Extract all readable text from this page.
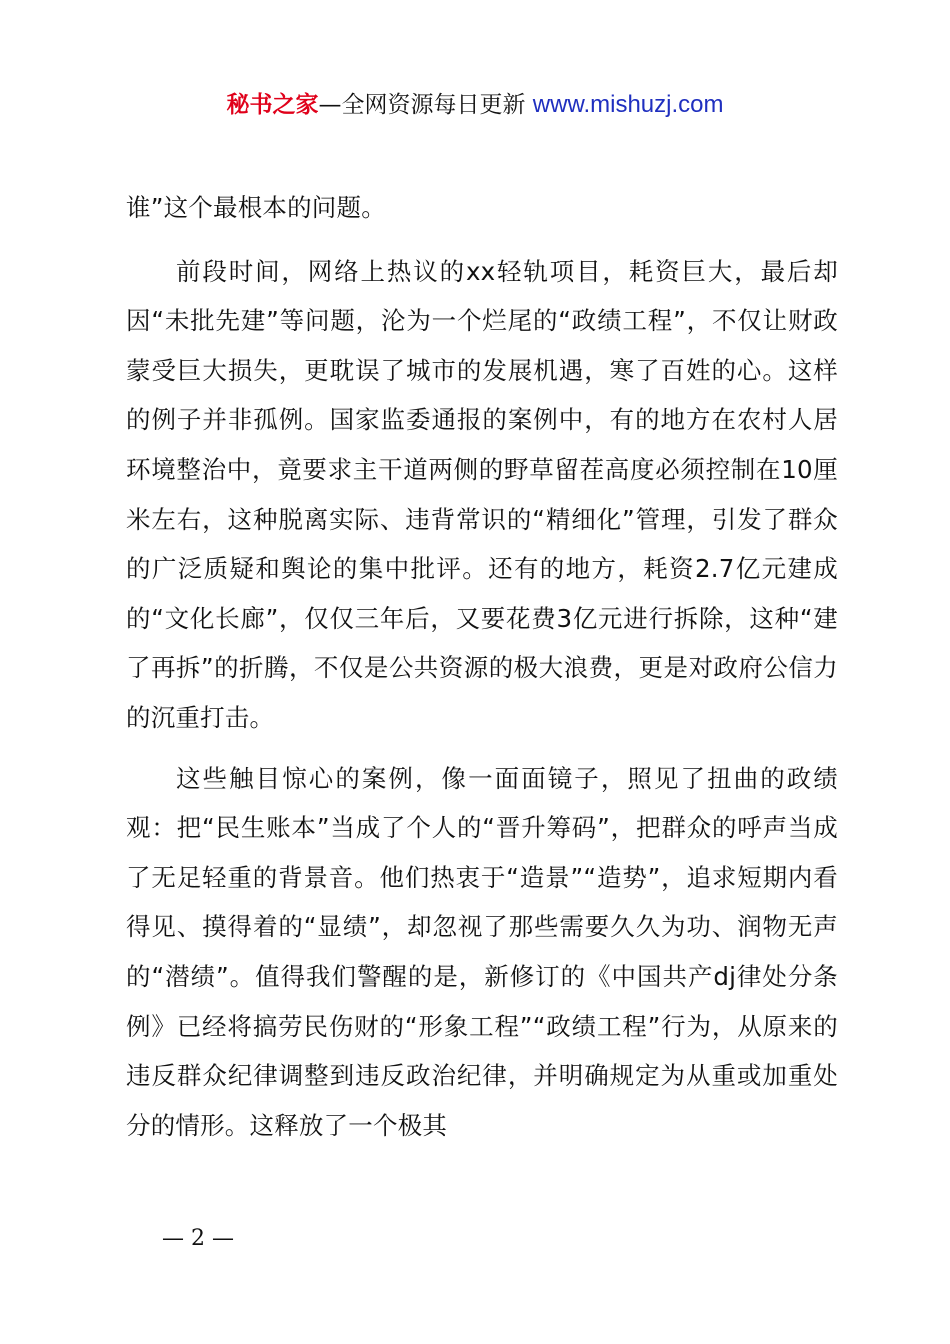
秘书之家—全网资源每日更新 www.mishuzj.com

谁”这个最根本的问题。

前段时间，网络上热议的xx轻轨项目，耗资巨大，最后却因“未批先建”等问题，沦为一个烂尾的“政绩工程”，不仅让财政蒙受巨大损失，更耽误了城市的发展机遇，寒了百姓的心。这样的例子并非孤例。国家监委通报的案例中，有的地方在农村人居环境整治中，竟要求主干道两侧的野草留茬高度必须控制在10厘米左右，这种脱离实际、违背常识的“精细化”管理，引发了群众的广泛质疑和舆论的集中批评。还有的地方，耗资2.7亿元建成的“文化长廊”，仅仅三年后，又要花费3亿元进行拆除，这种“建了再拆”的折腾，不仅是公共资源的极大浪费，更是对政府公信力的沉重打击。

这些触目惊心的案例，像一面面镜子，照见了扭曲的政绩观：把“民生账本”当成了个人的“晋升筹码”，把群众的呼声当成了无足轻重的背景音。他们热衷于“造景”“造势”，追求短期内看得见、摸得着的“显绩”，却忽视了那些需要久久为功、润物无声的“潜绩”。值得我们警醒的是，新修订的《中国共产dj律处分条例》已经将搞劳民伤财的“形象工程”“政绩工程”行为，从原来的违反群众纪律调整到违反政治纪律，并明确规定为从重或加重处分的情形。这释放了一个极其

— 2 —
